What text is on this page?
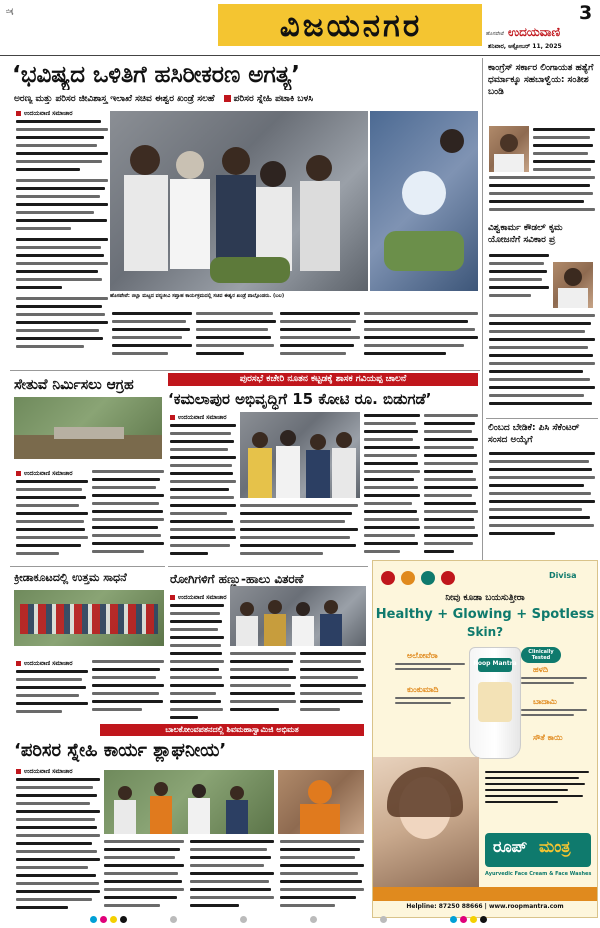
ಬಿಕ್ಕೆ	ವಿಜಯನಗರ	ಹೊಸಪೇಟೆ ಉದಯವಾಣಿ
3
ಶನಿವಾರ, ಅಕ್ಟೋಬರ್ 11, 2025
‘ಭವಿಷ್ಯದ ಒಳಿತಿಗೆ ಹಸಿರೀಕರಣ ಅಗತ್ಯ’
ಅರಣ್ಯ ಮತ್ತು ಪರಿಸರ ಜೀವಿಶಾಸ್ತ್ರ ಇಲಾಖೆ ಸಚಿವ ಈಶ್ವರ ಖಂಡ್ರೆ ಸಲಹೆ ಪರಿಸರ ಸ್ನೇಹಿ ಪಟಾಕಿ ಬಳಸಿ
ಉದಯವಾಣಿ ಸಮಾಚಾರ
ಹೊಸಪೇಟೆ: ಜಿಲ್ಲಾ ಮಟ್ಟದ ವನ್ಯಜೀವಿ ಸಪ್ತಾಹ ಕಾರ್ಯಕ್ರಮದಲ್ಲಿ ಸಚಿವ ಈಶ್ವರ ಖಂಡ್ರೆ ಪಾಲ್ಗೊಂಡರು. (ಬಲ)
ಕಾಂಗ್ರೆಸ್ ಸರ್ಕಾರ ಲಿಂಗಾಯತ ಹತ್ಯೆಗೆ ಧರ್ಮಾಕ್ಕೂ ಸಹಬಾಳ್ವೆಯ: ಸಂತೀಶ ಬಂಡಿ
ವಿಶ್ವಕಾರ್ಮ ಕೌಡಲ್ ಕೃಮ ಯೋಜನೆಗೆ ಸವಿಕಾರ ಪ್ರ
ಲಿಂಬದ ಬೇಡಿಕೆ: ಪಿಸಿ ಸೆಕೆಂಟರ್ ಸಂಸದ ಅಯ್ಕೆಗೆ
ಸೇತುವೆ ನಿರ್ಮಿಸಲು ಆಗ್ರಹ
ಉದಯವಾಣಿ ಸಮಾಚಾರ
ಪುರಸಭೆ ಕಚೇರಿ ನೂತನ ಕಟ್ಟಡಕ್ಕೆ ಶಾಸಕ ಗವಿಯಪ್ಪ ಚಾಲನೆ
‘ಕಮಲಾಪುರ ಅಭಿವೃದ್ಧಿಗೆ 15 ಕೋಟಿ ರೂ. ಬಿಡುಗಡೆ’
ಉದಯವಾಣಿ ಸಮಾಚಾರ
ಕ್ರೀಡಾಕೂಟದಲ್ಲಿ ಉತ್ತಮ ಸಾಧನೆ
ಉದಯವಾಣಿ ಸಮಾಚಾರ
ರೋಗಿಗಳಿಗೆ ಹಣ್ಣು-ಹಾಲು ವಿತರಣೆ
ಉದಯವಾಣಿ ಸಮಾಚಾರ
ಬಾಲಕೋಂವಪತನದಲ್ಲಿ ಶಿವಮಹಾಸ್ವಾಮಿಜಿ ಅಭಿಮತ
‘ಪರಿಸರ ಸ್ನೇಹಿ ಕಾರ್ಯ ಶ್ಲಾಘನೀಯ’
ಉದಯವಾಣಿ ಸಮಾಚಾರ
Divisa
ನೀವು ಕೂಡಾ ಬಯಸುತ್ತೀರಾ
Healthy + Glowing + Spotless
Skin?
ಅಲೋವೆರಾ
ಕುಂಕುಮಾದಿ
ಹಳದಿ
ಬಾದಾಮಿ
ಸೌತೆ ಕಾಯಿ
Roop Mantra
Clinically Tested
ರೂಪ್ ಮಂತ್ರ
Ayurvedic Face Cream & Face Washes
Helpline: 87250 88666 | www.roopmantra.com
